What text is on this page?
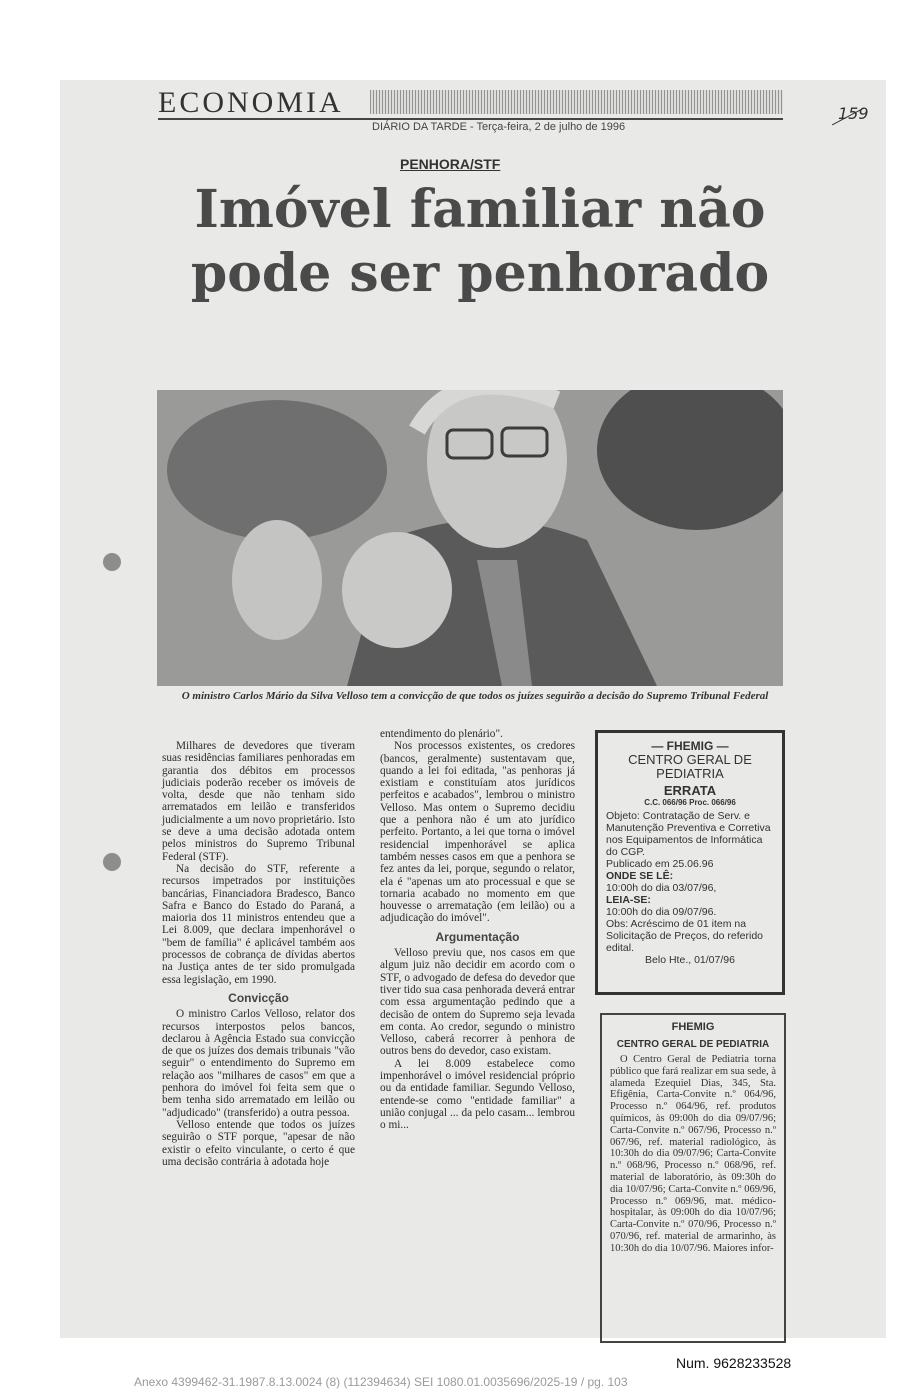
ECONOMIA
DIÁRIO DA TARDE - Terça-feira, 2 de julho de 1996
159
PENHORA/STF
Imóvel familiar não pode ser penhorado
O ministro Carlos Mário da Silva Velloso tem a convicção de que todos os juízes seguirão a decisão do Supremo Tribunal Federal

Milhares de devedores que tiveram suas residências familiares penhoradas em garantia dos débitos em processos judiciais poderão receber os imóveis de volta, desde que não tenham sido arrematados em leilão e transferidos judicialmente a um novo proprietário. Isto se deve a uma decisão adotada ontem pelos ministros do Supremo Tribunal Federal (STF).

Na decisão do STF, referente a recursos impetrados por instituições bancárias, Financiadora Bradesco, Banco Safra e Banco do Estado do Paraná, a maioria dos 11 ministros entendeu que a Lei 8.009, que declara impenhorável o "bem de família" é aplicável também aos processos de cobrança de dívidas abertos na Justiça antes de ter sido promulgada essa legislação, em 1990.

Convicção

O ministro Carlos Velloso, relator dos recursos interpostos pelos bancos, declarou à Agência Estado sua convicção de que os juízes dos demais tribunais "vão seguir" o entendimento do Supremo em relação aos "milhares de casos" em que a penhora do imóvel foi feita sem que o bem tenha sido arrematado em leilão ou "adjudicado" (transferido) a outra pessoa.

Velloso entende que todos os juízes seguirão o STF porque, "apesar de não existir o efeito vinculante, o certo é que uma decisão contrária à adotada hoje

entendimento do plenário".

Nos processos existentes, os credores (bancos, geralmente) sustentavam que, quando a lei foi editada, "as penhoras já existiam e constituíam atos jurídicos perfeitos e acabados", lembrou o ministro Velloso. Mas ontem o Supremo decidiu que a penhora não é um ato jurídico perfeito. Portanto, a lei que torna o imóvel residencial impenhorável se aplica também nesses casos em que a penhora se fez antes da lei, porque, segundo o relator, ela é "apenas um ato processual e que se tornaria acabado no momento em que houvesse o arrematação (em leilão) ou a adjudicação do imóvel".

Argumentação

Velloso previu que, nos casos em que algum juiz não decidir em acordo com o STF, o advogado de defesa do devedor que tiver tido sua casa penhorada deverá entrar com essa argumentação pedindo que a decisão de ontem do Supremo seja levada em conta. Ao credor, segundo o ministro Velloso, caberá recorrer à penhora de outros bens do devedor, caso existam.

A lei 8.009 estabelece como impenhorável o imóvel residencial próprio ou da entidade familiar. Segundo Velloso, entende-se como "entidade familiar" a união conjugal ... da pelo casam... lembrou o mi...

— FHEMIG —
CENTRO GERAL DE PEDIATRIA
ERRATA
C.C. 066/96 Proc. 066/96
Objeto: Contratação de Serv. e Manutenção Preventiva e Corretiva nos Equipamentos de Informática do CGP.
Publicado em 25.06.96
ONDE SE LÊ:
10:00h do dia 03/07/96,
LEIA-SE:
10:00h do dia 09/07/96.
Obs: Acréscimo de 01 item na Solicitação de Preços, do referido edital.
Belo Hte., 01/07/96
FHEMIG
CENTRO GERAL DE PEDIATRIA
O Centro Geral de Pediatria torna público que fará realizar em sua sede, à alameda Ezequiel Dias, 345, Sta. Efigênia, Carta-Convite n.º 064/96, Processo n.º 064/96, ref. produtos químicos, às 09:00h do dia 09/07/96; Carta-Convite n.º 067/96, Processo n.º 067/96, ref. material radiológico, às 10:30h do dia 09/07/96; Carta-Convite n.º 068/96, Processo n.º 068/96, ref. material de laboratório, às 09:30h do dia 10/07/96; Carta-Convite n.º 069/96, Processo n.º 069/96, mat. médico-hospitalar, às 09:00h do dia 10/07/96; Carta-Convite n.º 070/96, Processo n.º 070/96, ref. material de armarinho, às 10:30h do dia 10/07/96. Maiores infor-
Num. 9628233528
Anexo 4399462-31.1987.8.13.0024 (8) (112394634) SEI 1080.01.0035696/2025-19 / pg. 103
